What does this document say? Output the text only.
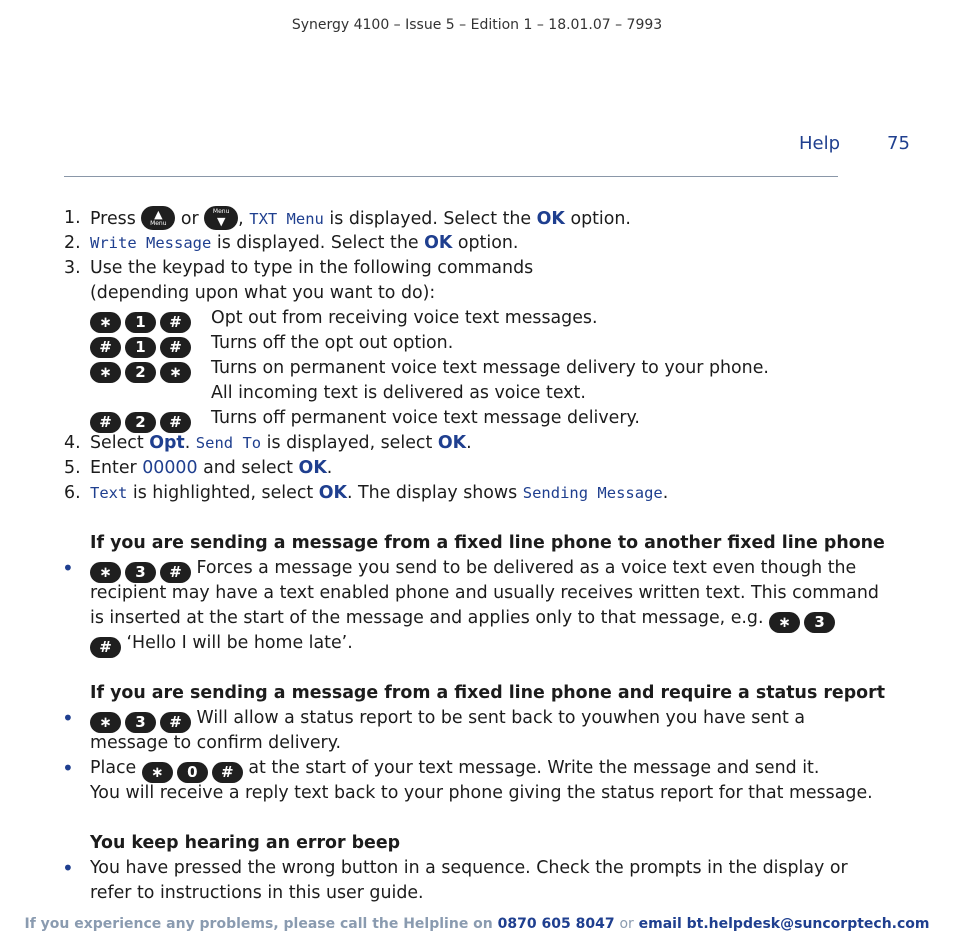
Synergy 4100 – Issue 5 – Edition 1 – 18.01.07 – 7993
Help	75
1. Press	▲
Menu or	Menu
▼ , TXT Menu is displayed. Select the OK option.
2. Write Message is displayed. Select the OK option.
3. Use the keypad to type in the following commands
(depending upon what you want to do):
∗ 1 #	Opt out from receiving voice text messages.
# 1 #	Turns off the opt out option.
∗ 2 ∗	Turns on permanent voice text message delivery to your phone.
All incoming text is delivered as voice text.
# 2 #	Turns off permanent voice text message delivery.
4. Select Opt. Send To is displayed, select OK.
5. Enter 00000 and select OK.
6. Text is highlighted, select OK. The display shows Sending Message.
If you are sending a message from a fixed line phone to another fixed line phone
•	∗ 3 # Forces a message you send to be delivered as a voice text even though the
recipient may have a text enabled phone and usually receives written text. This command
is inserted at the start of the message and applies only to that message, e.g. ∗ 3
# ‘Hello I will be home late’.
If you are sending a message from a fixed line phone and require a status report
•	∗ 3 # Will allow a status report to be sent back to youwhen you have sent a
message to confirm delivery.
• Place ∗ 0 # at the start of your text message. Write the message and send it.
You will receive a reply text back to your phone giving the status report for that message.
You keep hearing an error beep
• You have pressed the wrong button in a sequence. Check the prompts in the display or
refer to instructions in this user guide.
If you experience any problems, please call the Helpline on 0870 605 8047 or email bt.helpdesk@suncorptech.com
